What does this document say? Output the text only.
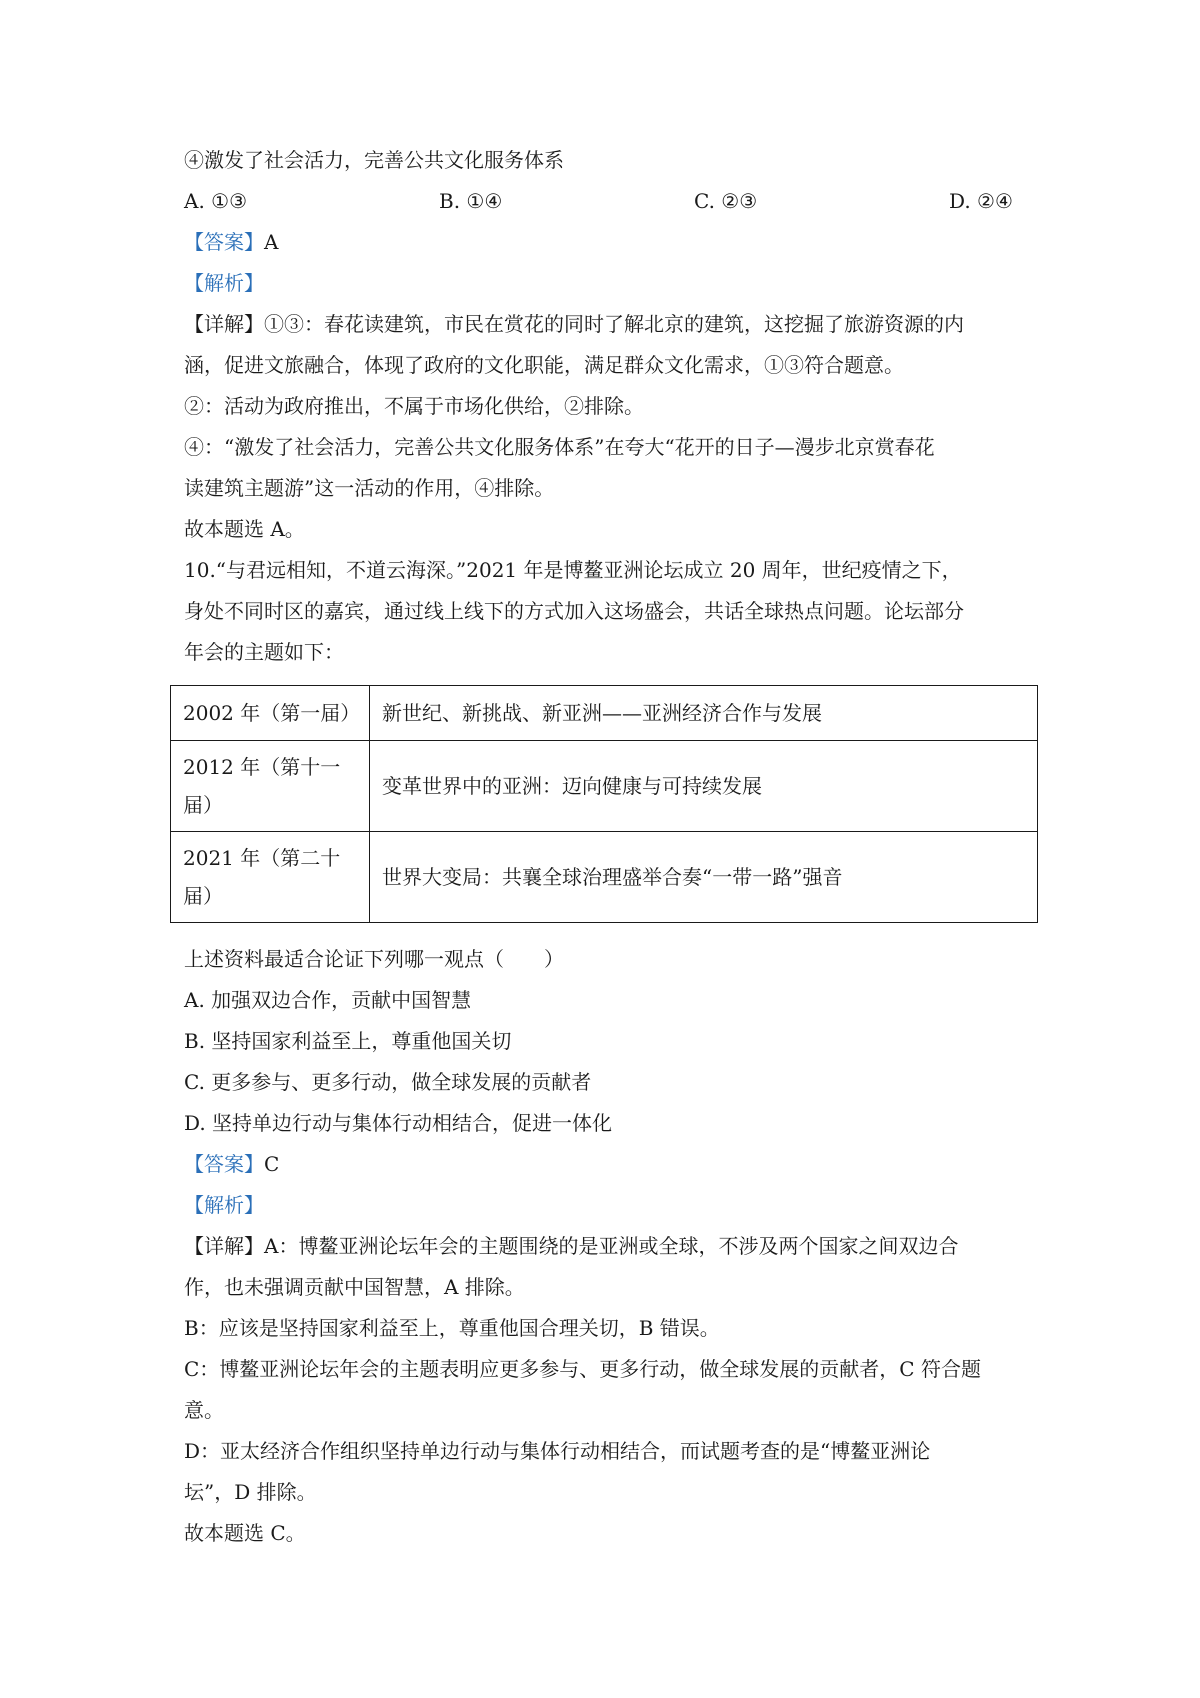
④激发了社会活力，完善公共文化服务体系
A. ①③	B. ①④	C. ②③	D. ②④
【答案】A
【解析】
【详解】①③：春花读建筑，市民在赏花的同时了解北京的建筑，这挖掘了旅游资源的内
涵，促进文旅融合，体现了政府的文化职能，满足群众文化需求，①③符合题意。
②：活动为政府推出，不属于市场化供给，②排除。
④：“激发了社会活力，完善公共文化服务体系”在夸大“花开的日子—漫步北京赏春花
读建筑主题游”这一活动的作用，④排除。
故本题选 A。
10.“与君远相知，不道云海深。”2021 年是博鳌亚洲论坛成立 20 周年，世纪疫情之下，
身处不同时区的嘉宾，通过线上线下的方式加入这场盛会，共话全球热点问题。论坛部分
年会的主题如下：
2002 年（第一届）	新世纪、新挑战、新亚洲——亚洲经济合作与发展

2012 年（第十一
届）	变革世界中的亚洲：迈向健康与可持续发展

2021 年（第二十
届）	世界大变局：共襄全球治理盛举合奏“一带一路”强音
上述资料最适合论证下列哪一观点（　　）
A. 加强双边合作，贡献中国智慧
B. 坚持国家利益至上，尊重他国关切
C. 更多参与、更多行动，做全球发展的贡献者
D. 坚持单边行动与集体行动相结合，促进一体化
【答案】C
【解析】
【详解】A：博鳌亚洲论坛年会的主题围绕的是亚洲或全球，不涉及两个国家之间双边合
作，也未强调贡献中国智慧，A 排除。
B：应该是坚持国家利益至上，尊重他国合理关切，B 错误。
C：博鳌亚洲论坛年会的主题表明应更多参与、更多行动，做全球发展的贡献者，C 符合题
意。
D：亚太经济合作组织坚持单边行动与集体行动相结合，而试题考查的是“博鳌亚洲论
坛”，D 排除。
故本题选 C。
